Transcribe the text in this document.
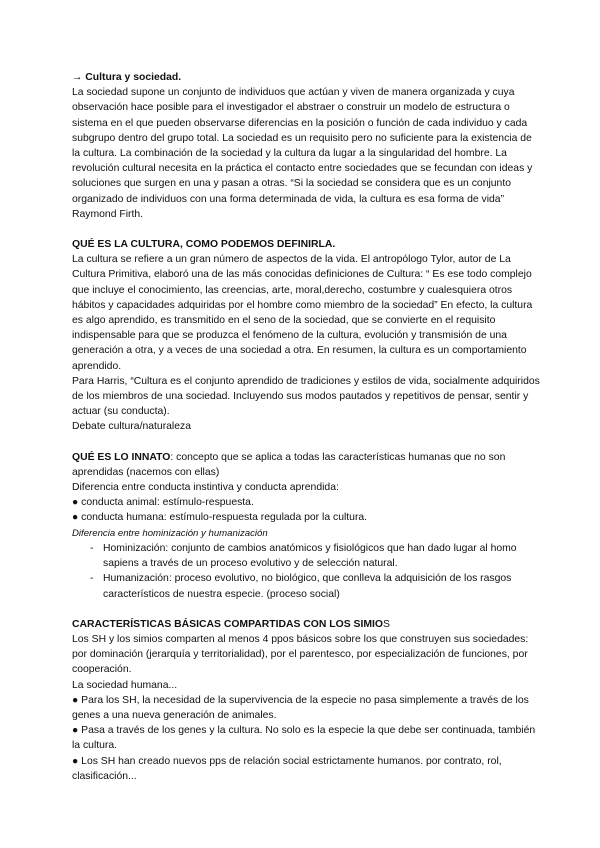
→ Cultura y sociedad.

La sociedad supone un conjunto de individuos que actúan y viven de manera organizada y cuya observación hace posible para el investigador el abstraer o construir un modelo de estructura o sistema en el que pueden observarse diferencias en la posición o función de cada individuo y cada subgrupo dentro del grupo total. La sociedad es un requisito pero no suficiente para la existencia de la cultura. La combinación de la sociedad y la cultura da lugar a la singularidad del hombre. La revolución cultural necesita en la práctica el contacto entre sociedades que se fecundan con ideas y soluciones que surgen en una y pasan a otras. “Si la sociedad se considera que es un conjunto organizado de individuos con una forma determinada de vida, la cultura es esa forma de vida” Raymond Firth.

QUÉ ES LA CULTURA, COMO PODEMOS DEFINIRLA.

La cultura se refiere a un gran número de aspectos de la vida. El antropólogo Tylor, autor de La Cultura Primitiva, elaboró una de las más conocidas definiciones de Cultura: “ Es ese todo complejo que incluye el conocimiento, las creencias, arte, moral,derecho, costumbre y cualesquiera otros hábitos y capacidades adquiridas por el hombre como miembro de la sociedad” En efecto, la cultura es algo aprendido, es transmitido en el seno de la sociedad, que se convierte en el requisito indispensable para que se produzca el fenómeno de la cultura, evolución y transmisión de una generación a otra, y a veces de una sociedad a otra. En resumen, la cultura es un comportamiento aprendido.

Para Harris, “Cultura es el conjunto aprendido de tradiciones y estilos de vida, socialmente adquiridos de los miembros de una sociedad. Incluyendo sus modos pautados y repetitivos de pensar, sentir y actuar (su conducta).

Debate cultura/naturaleza

QUÉ ES LO INNATO: concepto que se aplica a todas las características humanas que no son aprendidas (nacemos con ellas)

Diferencia entre conducta instintiva y conducta aprendida:

● conducta animal: estímulo-respuesta.

● conducta humana: estímulo-respuesta regulada por la cultura.

Diferencia entre hominización y humanización

- Hominización: conjunto de cambios anatómicos y fisiológicos que han dado lugar al homo sapiens a través de un proceso evolutivo y de selección natural.
- Humanización: proceso evolutivo, no biológico, que conlleva la adquisición de los rasgos característicos de nuestra especie. (proceso social)

CARACTERÍSTICAS BÁSICAS COMPARTIDAS CON LOS SIMIOS

Los SH y los simios comparten al menos 4 ppos básicos sobre los que construyen sus sociedades: por dominación (jerarquía y territorialidad), por el parentesco, por especialización de funciones, por cooperación.

La sociedad humana...

● Para los SH, la necesidad de la supervivencia de la especie no pasa simplemente a través de los genes a una nueva generación de animales.

● Pasa a través de los genes y la cultura. No solo es la especie la que debe ser continuada, también la cultura.

● Los SH han creado nuevos pps de relación social estrictamente humanos. por contrato, rol, clasificación...
